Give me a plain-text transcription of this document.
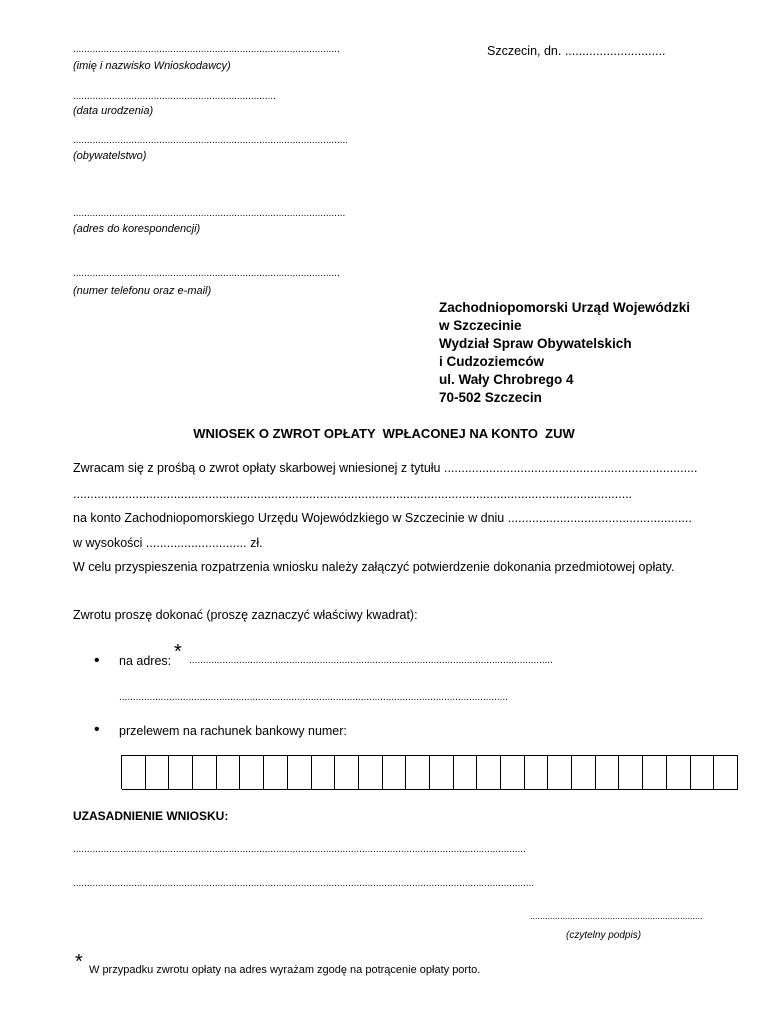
................................................................................................
(imię i nazwisko Wnioskodawcy)
.........................................................................
(data urodzenia)
...................................................................................................
(obywatelstwo)
..................................................................................................
(adres do korespondencji)
................................................................................................
(numer telefonu oraz e-mail)
Szczecin, dn. .............................
Zachodniopomorski Urząd Wojewódzki
w Szczecinie
Wydział Spraw Obywatelskich
i Cudzoziemców
ul. Wały Chrobrego 4
70-502 Szczecin
WNIOSEK O ZWROT OPŁATY  WPŁACONEJ NA KONTO  ZUW
Zwracam się z prośbą o zwrot opłaty skarbowej wniesionej z tytułu .........................................................................
.................................................................................................................................................................
na konto Zachodniopomorskiego Urzędu Wojewódzkiego w Szczecinie w dniu .....................................................
w wysokości ............................. zł.
W celu przyspieszenia rozpatrzenia wniosku należy załączyć potwierdzenie dokonania przedmiotowej opłaty.
Zwrotu proszę dokonać (proszę zaznaczyć właściwy kwadrat):
• na adres: * ...................................................................................................................................
............................................................................................................................................
• przelewem na rachunek bankowy numer:
UZASADNIENIE WNIOSKU:
...................................................................................................................................................................
......................................................................................................................................................................
.....................................................................
(czytelny podpis)
* W przypadku zwrotu opłaty na adres wyrażam zgodę na potrącenie opłaty porto.
